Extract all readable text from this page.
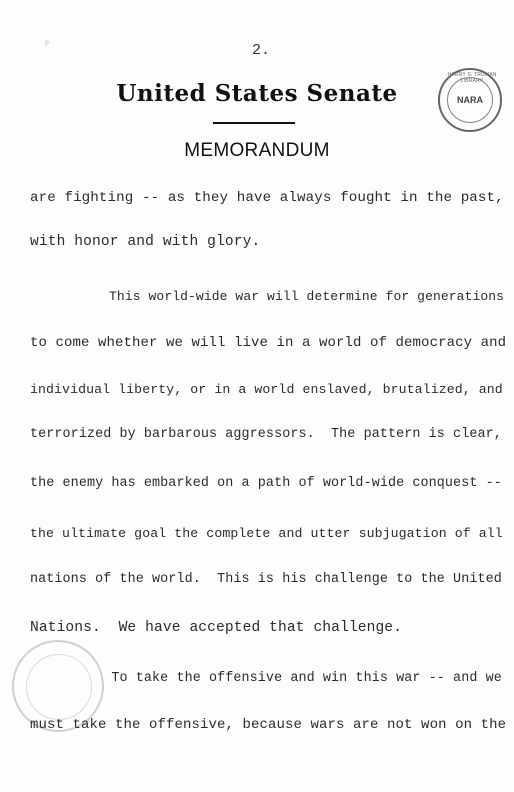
ᵖ	2.
United States Senate
MEMORANDUM
HARRY S. TRUMAN LIBRARY
NARA
are fighting -- as they have always fought in the past,
with honor and with glory.
This world-wide war will determine for generations
to come whether we will live in a world of democracy and
individual liberty, or in a world enslaved, brutalized, and
terrorized by barbarous aggressors.  The pattern is clear,
the enemy has embarked on a path of world-wide conquest --
the ultimate goal the complete and utter subjugation of all
nations of the world.  This is his challenge to the United
Nations.  We have accepted that challenge.
To take the offensive and win this war -- and we
must take the offensive, because wars are not won on the
